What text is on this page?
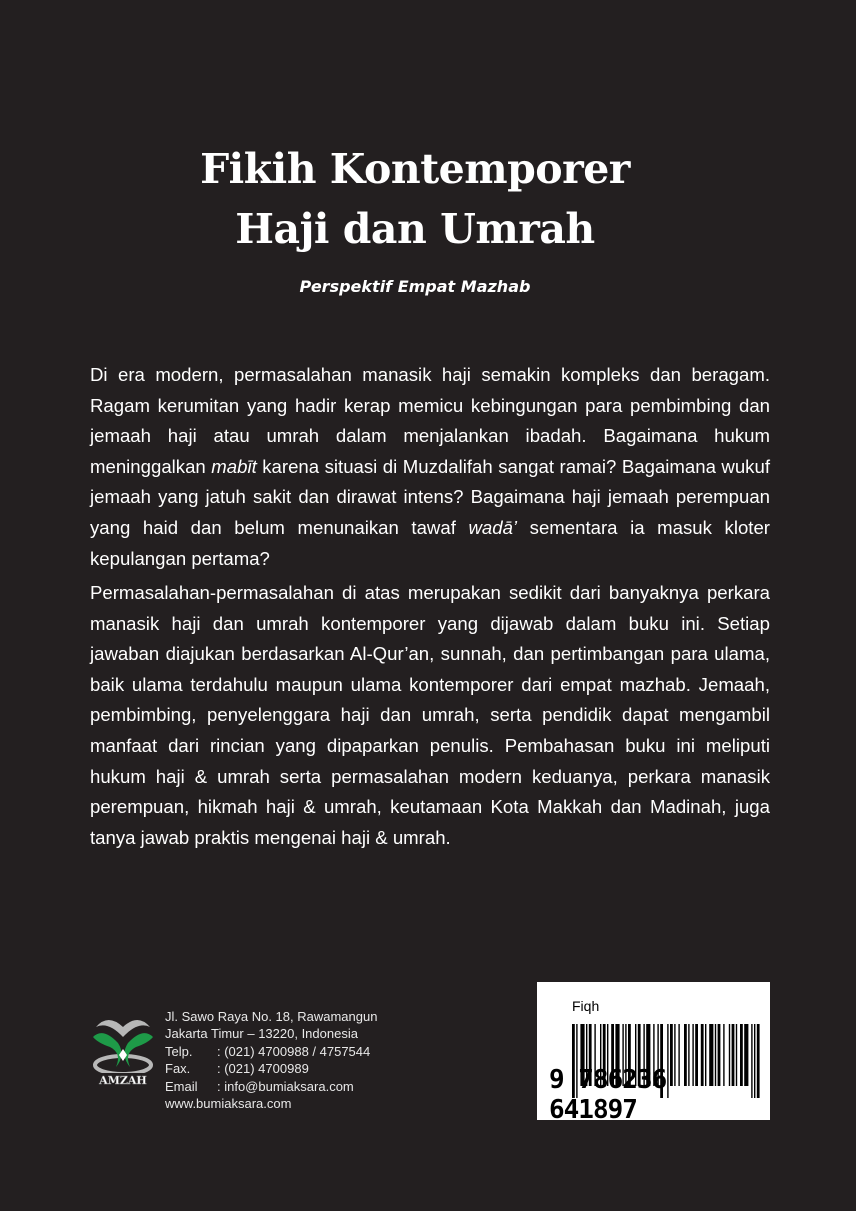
Fikih Kontemporer
Haji dan Umrah
Perspektif Empat Mazhab

Di era modern, permasalahan manasik haji semakin kompleks dan beragam. Ragam kerumitan yang hadir kerap memicu kebingungan para pembimbing dan jemaah haji atau umrah dalam menjalankan ibadah. Bagaimana hukum meninggalkan mabīt karena situasi di Muzdalifah sangat ramai? Bagaimana wukuf jemaah yang jatuh sakit dan dirawat intens? Bagaimana haji jemaah perempuan yang haid dan belum menunaikan tawaf wadā’ sementara ia masuk kloter kepulangan pertama?

Permasalahan-permasalahan di atas merupakan sedikit dari banyaknya perkara manasik haji dan umrah kontemporer yang dijawab dalam buku ini. Setiap jawaban diajukan berdasarkan Al-Qur’an, sunnah, dan pertimbangan para ulama, baik ulama terdahulu maupun ulama kontemporer dari empat mazhab. Jemaah, pembimbing, penyelenggara haji dan umrah, serta pendidik dapat mengambil manfaat dari rincian yang dipaparkan penulis. Pembahasan buku ini meliputi hukum haji & umrah serta permasalahan modern keduanya, perkara manasik perempuan, hikmah haji & umrah, keutamaan Kota Makkah dan Madinah, juga tanya jawab praktis mengenai haji & umrah.

AMZAH
Jl. Sawo Raya No. 18, Rawamangun
Jakarta Timur – 13220, Indonesia
Telp. : (021) 4700988 / 4757544
Fax. : (021) 4700989
Email : info@bumiaksara.com
www.bumiaksara.com
Fiqh
9 786236 641897
